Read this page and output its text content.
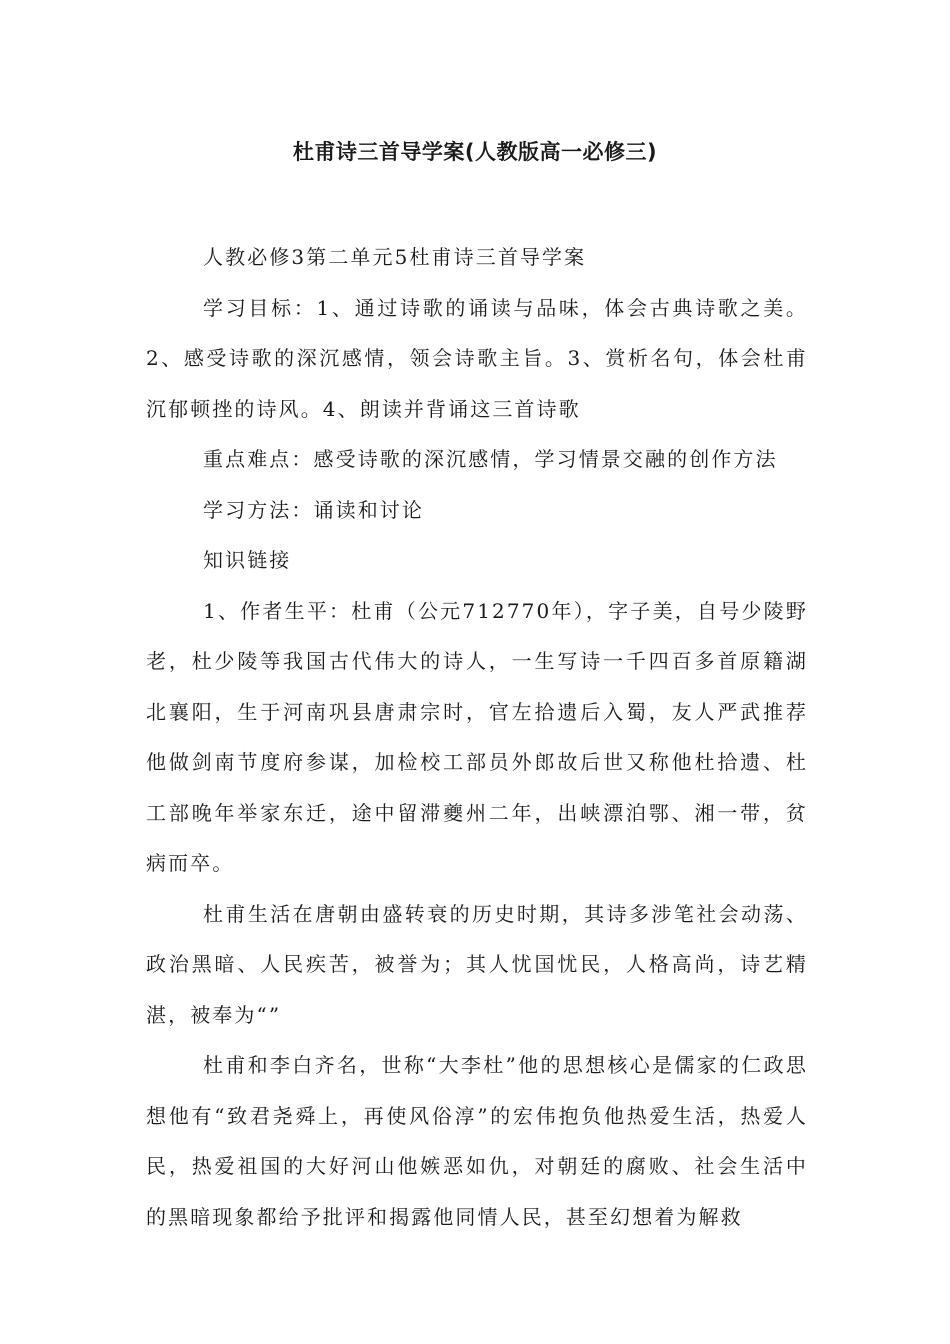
杜甫诗三首导学案(人教版高一必修三)

人教必修3第二单元5杜甫诗三首导学案

学习目标：1、通过诗歌的诵读与品味，体会古典诗歌之美。2、感受诗歌的深沉感情，领会诗歌主旨。3、赏析名句，体会杜甫沉郁顿挫的诗风。4、朗读并背诵这三首诗歌

重点难点：感受诗歌的深沉感情，学习情景交融的创作方法

学习方法：诵读和讨论

知识链接

1、作者生平：杜甫（公元712770年），字子美，自号少陵野老，杜少陵等我国古代伟大的诗人，一生写诗一千四百多首原籍湖北襄阳，生于河南巩县唐肃宗时，官左拾遗后入蜀，友人严武推荐他做剑南节度府参谋，加检校工部员外郎故后世又称他杜拾遗、杜工部晚年举家东迁，途中留滞夔州二年，出峡漂泊鄂、湘一带，贫病而卒。

杜甫生活在唐朝由盛转衰的历史时期，其诗多涉笔社会动荡、政治黑暗、人民疾苦，被誉为；其人忧国忧民，人格高尚，诗艺精湛，被奉为“”

杜甫和李白齐名，世称“大李杜”他的思想核心是儒家的仁政思想他有“致君尧舜上，再使风俗淳”的宏伟抱负他热爱生活，热爱人民，热爱祖国的大好河山他嫉恶如仇，对朝廷的腐败、社会生活中的黑暗现象都给予批评和揭露他同情人民，甚至幻想着为解救
